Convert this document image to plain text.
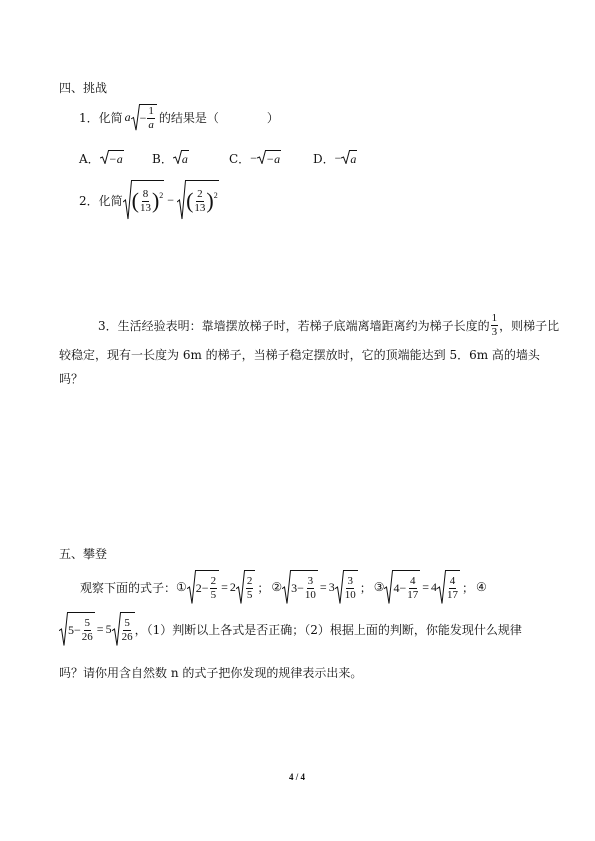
四、挑战
1．化简 $a - \frac{1}{a}$ 的结果是（　　　　）
A． −a B． a	C． − −a	D． − a
2．化简 ( $\frac{8}{13}$ ) 2 − ( $\frac{2}{13}$ ) 2
3．生活经验表明：靠墙摆放梯子时，若梯子底端离墙距离约为梯子长度的 $\frac{1}{3}$ ，则梯子比
较稳定，现有一长度为 6m 的梯子，当梯子稳定摆放时，它的顶端能达到 5．6m 高的墙头
吗？
五、攀登
观察下面的式子： ① $2 - \frac{2}{5} = 2 \frac{2}{5}$ ； ② $3 - \frac{3}{10} = 3 \frac{3}{10}$ ； ③ $4 - \frac{4}{17} = 4 \frac{4}{17}$ ； ④
$5 - \frac{5}{26} = 5 \frac{5}{26}$ ，（1）判断以上各式是否正确；（2）根据上面的判断，你能发现什么规律
吗？请你用含自然数 n 的式子把你发现的规律表示出来。
4 / 4
